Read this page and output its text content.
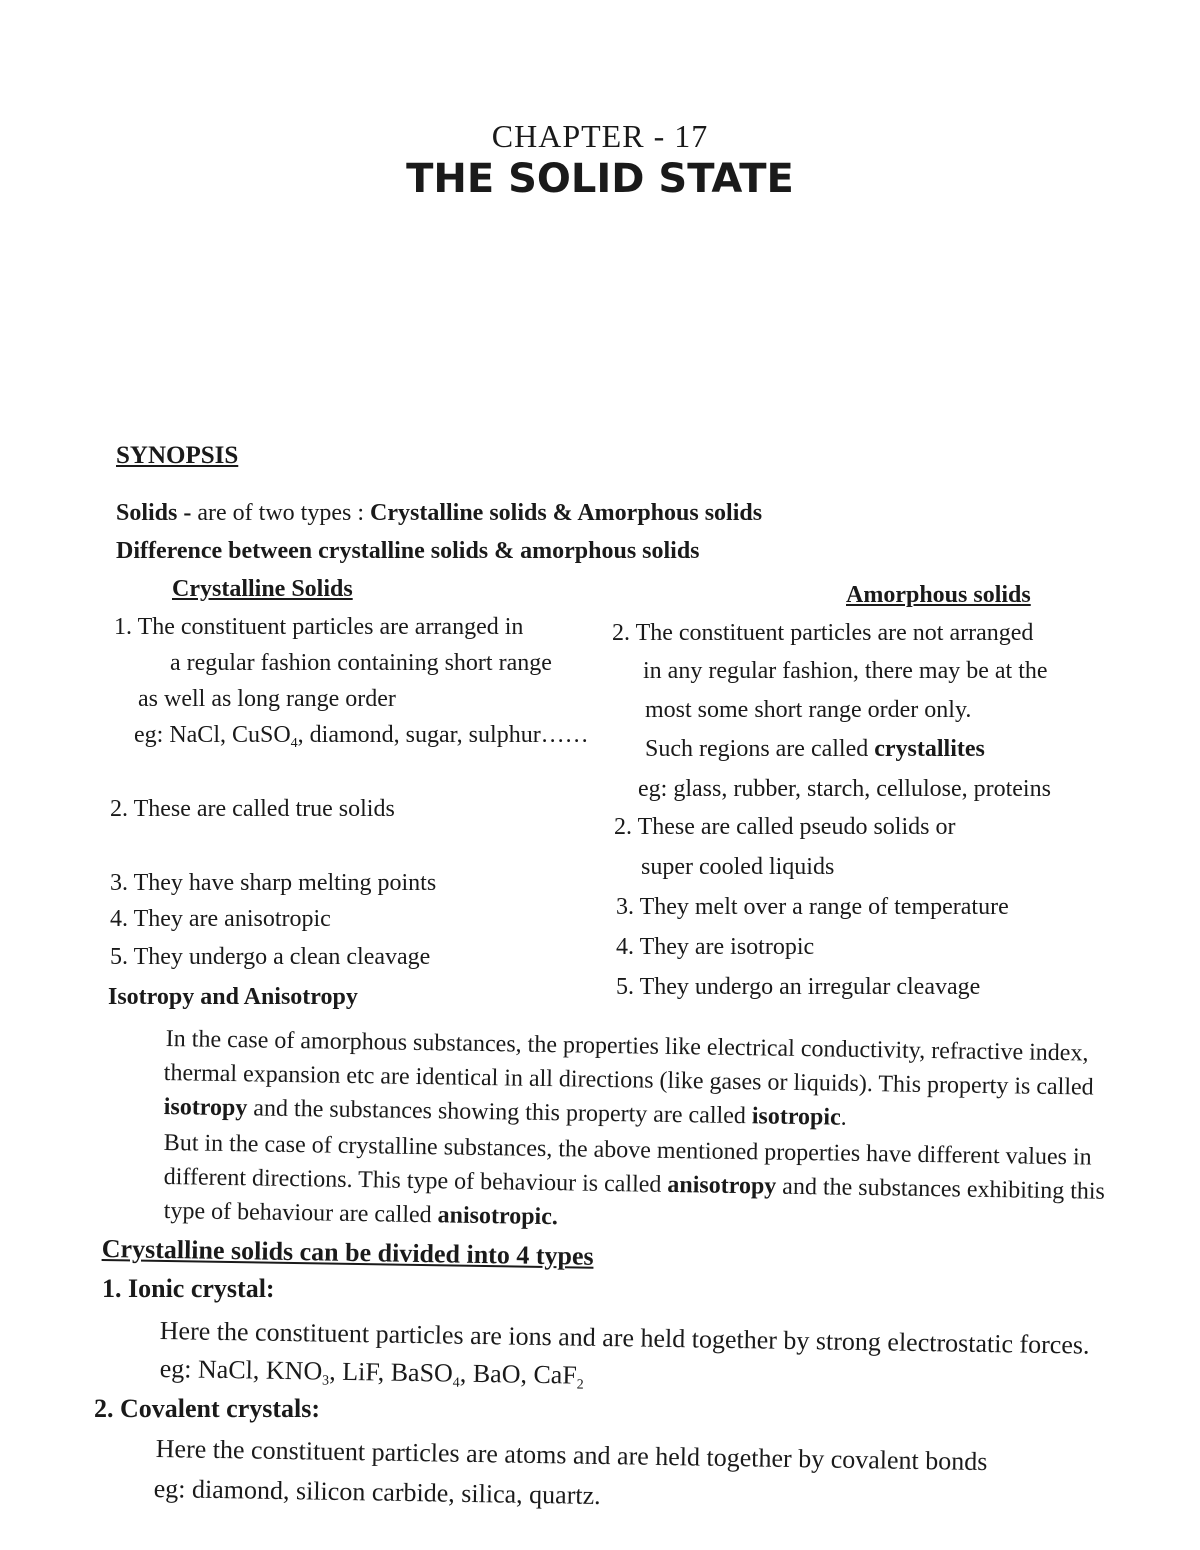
CHAPTER - 17
THE SOLID STATE
SYNOPSIS
Solids - are of two types : Crystalline solids & Amorphous solids
Difference between crystalline solids & amorphous solids
Crystalline Solids
1. The constituent particles are arranged in
a regular fashion containing short range
as well as long range order
eg: NaCl, CuSO$_4$, diamond, sugar, sulphur……
2. These are called true solids
3. They have sharp melting points
4. They are anisotropic
5. They undergo a clean cleavage
Amorphous solids
2. The constituent particles are not arranged
in any regular fashion, there may be at the
most some short range order only.
Such regions are called crystallites
eg: glass, rubber, starch, cellulose, proteins
2. These are called pseudo solids or
super cooled liquids
3. They melt over a range of temperature
4. They are isotropic
5. They undergo an irregular cleavage
Isotropy and Anisotropy
In the case of amorphous substances, the properties like electrical conductivity, refractive index,
thermal expansion etc are identical in all directions (like gases or liquids). This property is called
isotropy and the substances showing this property are called isotropic.
But in the case of crystalline substances, the above mentioned properties have different values in
different directions. This type of behaviour is called anisotropy and the substances exhibiting this
type of behaviour are called anisotropic.
Crystalline solids can be divided into 4 types
1. Ionic crystal:
Here the constituent particles are ions and are held together by strong electrostatic forces.
eg: NaCl, $KNO_3$, LiF, BaSO$_4$, BaO, CaF$_2$
2. Covalent crystals:
Here the constituent particles are atoms and are held together by covalent bonds
eg: diamond, silicon carbide, silica, quartz.
